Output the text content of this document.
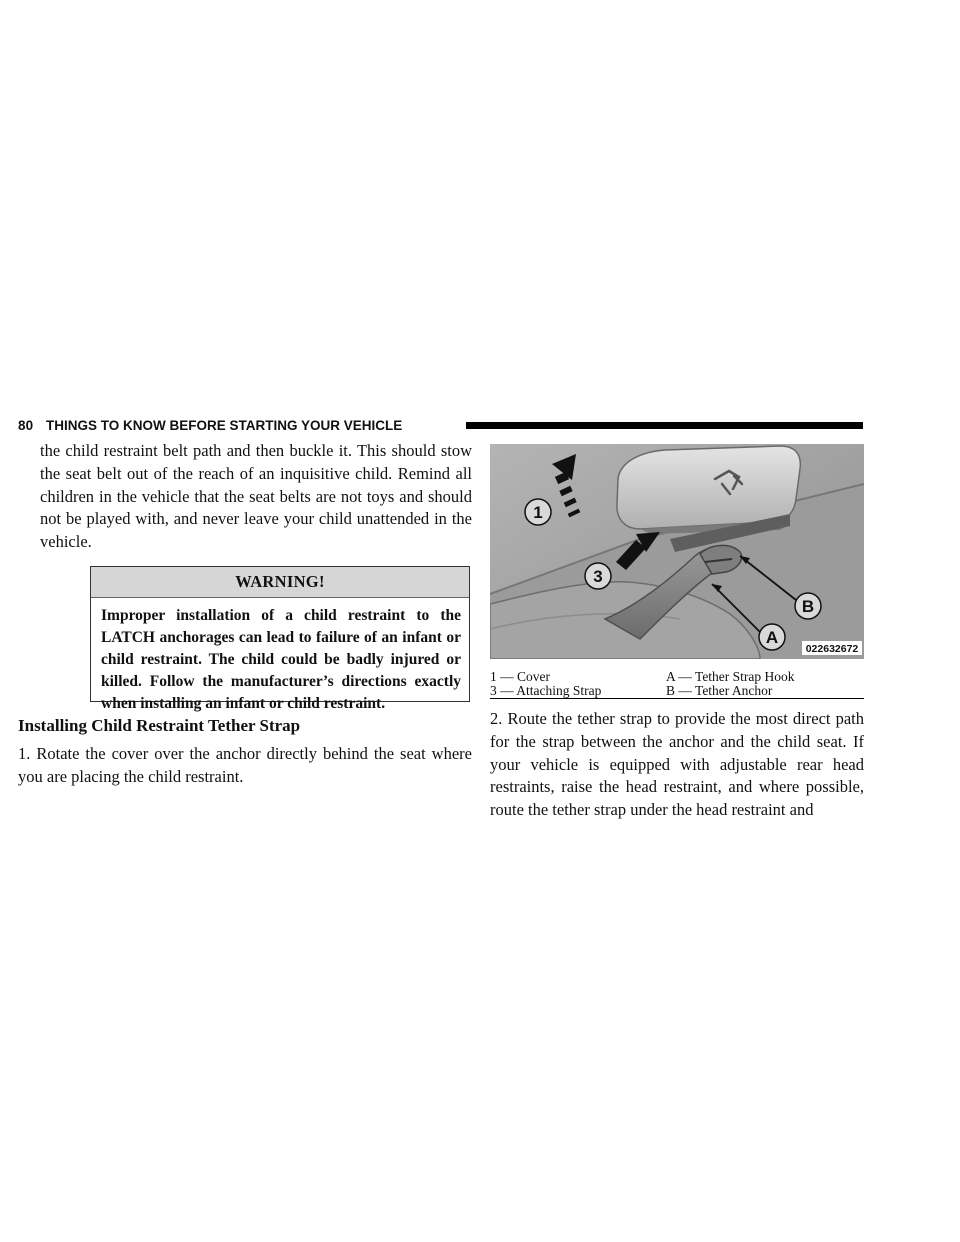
80 THINGS TO KNOW BEFORE STARTING YOUR VEHICLE

the child restraint belt path and then buckle it. This should stow the seat belt out of the reach of an inquisitive child. Remind all children in the vehicle that the seat belts are not toys and should not be played with, and never leave your child unattended in the vehicle.

WARNING!
Improper installation of a child restraint to the LATCH anchorages can lead to failure of an infant or child restraint. The child could be badly injured or killed. Follow the manufacturer’s directions exactly when installing an infant or child restraint.
Installing Child Restraint Tether Strap

1. Rotate the cover over the anchor directly behind the seat where you are placing the child restraint.

1
3
B
A
022632672
1 — Cover	A — Tether Strap Hook
3 — Attaching Strap	B — Tether Anchor

2. Route the tether strap to provide the most direct path for the strap between the anchor and the child seat. If your vehicle is equipped with adjustable rear head restraints, raise the head restraint, and where possible, route the tether strap under the head restraint and
